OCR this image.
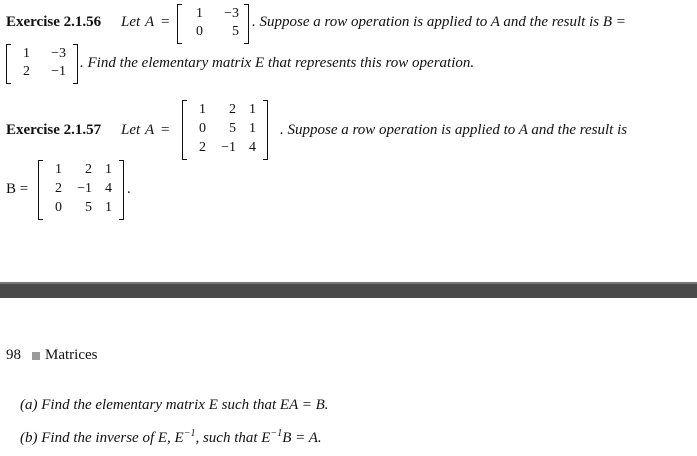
Exercise 2.1.56 Let A =
1	−3
0	5
. Suppose a row operation is applied to A and the result is B =
1	−3
2	−1
. Find the elementary matrix E that represents this row operation.
Exercise 2.1.57 Let A =
1	2 1
0	5 1
2	−1 4
. Suppose a row operation is applied to A and the result is
B =
1	2 1
2	−1 4
0	5 1
.
98 Matrices
(a) Find the elementary matrix E such that EA = B.
(b) Find the inverse of E, $E^{-1}$, such that $E^{-1}B = A$.
